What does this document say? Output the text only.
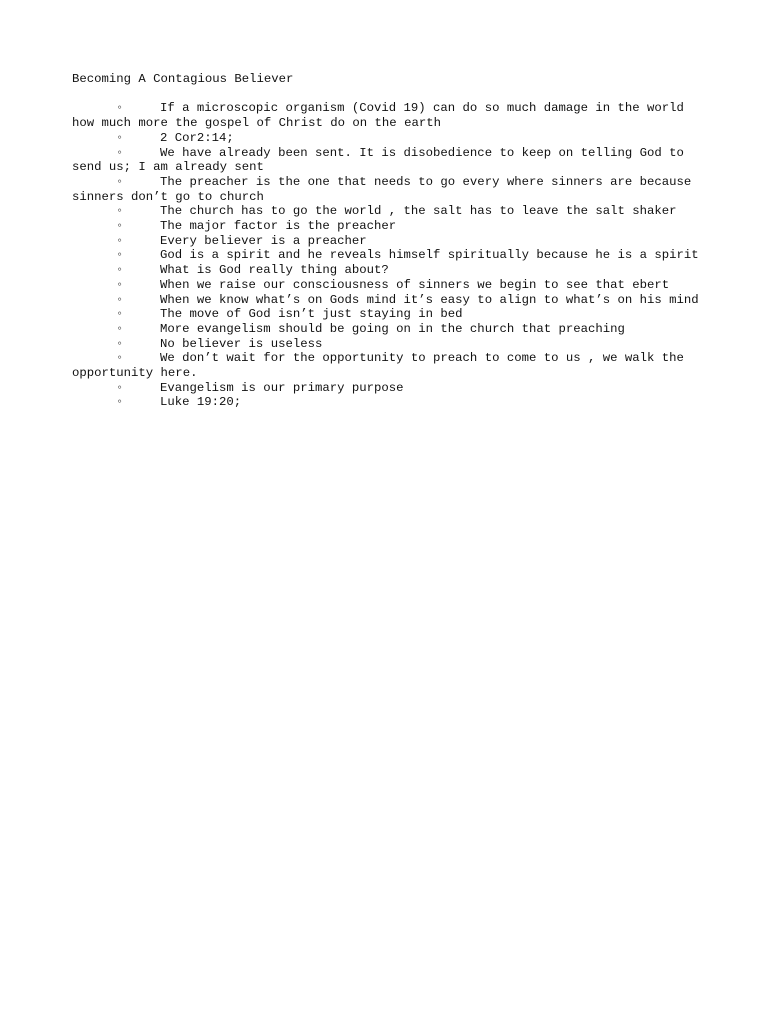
Becoming A Contagious Believer
◦	If a microscopic organism (Covid 19) can do so much damage in the world how much more the gospel of Christ do on the earth
◦	2 Cor2:14;
◦	We have already been sent. It is disobedience to keep on telling God to send us; I am already sent
◦	The preacher is the one that needs to go every where sinners are because sinners don’t go to church
◦	The church has to go the world , the salt has to leave the salt shaker
◦	The major factor is the preacher
◦	Every believer is a preacher
◦	God is a spirit and he reveals himself spiritually because he is a spirit
◦	What is God really thing about?
◦	When we raise our consciousness of sinners we begin to see that ebert
◦	When we know what’s on Gods mind it’s easy to align to what’s on his mind
◦	The move of God isn’t just staying in bed
◦	More evangelism should be going on in the church that preaching
◦	No believer is useless
◦	We don’t wait for the opportunity to preach to come to us , we walk the opportunity here.
◦	Evangelism is our primary purpose
◦	Luke 19:20;
